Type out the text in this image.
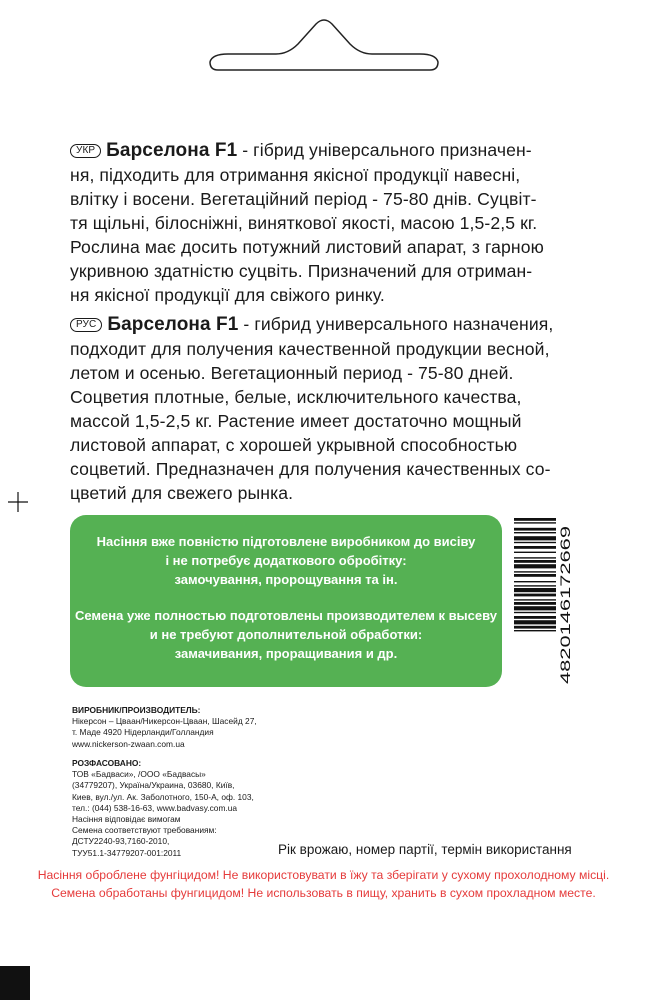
УКР Барселона F1 - гібрид універсального призначен-
ня, підходить для отримання якісної продукції навесні,
влітку і восени. Вегетаційний період - 75-80 днів. Суцвіт-
тя щільні, білосніжні, виняткової якості, масою 1,5-2,5 кг.
Рослина має досить потужний листовий апарат, з гарною
укривною здатністю суцвіть. Призначений для отриман-
ня якісної продукції для свіжого ринку.
РУС Барселона F1 - гибрид универсального назначения,
подходит для получения качественной продукции весной,
летом и осенью. Вегетационный период - 75-80 дней.
Соцветия плотные, белые, исключительного качества,
массой 1,5-2,5 кг. Растение имеет достаточно мощный
листовой аппарат, с хорошей укрывной способностью
соцветий. Предназначен для получения качественных со-
цветий для свежего рынка.
Насіння вже повністю підготовлене виробником до висіву
і не потребує додаткового обробітку:
замочування, пророщування та ін.
Семена уже полностью подготовлены производителем к высеву
и не требуют дополнительной обработки:
замачивания, проращивания и др.	4820146172669
ВИРОБНИК/ПРОИЗВОДИТЕЛЬ:
Нікерсон – Цваан/Никерсон-Цваан, Шасейд 27,
т. Маде 4920 Нідерланди/Голландия
www.nickerson-zwaan.com.ua
РОЗФАСОВАНО:
ТОВ «Бадваси», /ООО «Бадвасы»
(34779207), Україна/Украина, 03680, Київ,
Киев, вул./ул. Ак. Заболотного, 150-А, оф. 103,
тел.: (044) 538-16-63, www.badvasy.com.ua
Насіння відповідає вимогам
Семена соответствуют требованиям:
ДСТУ2240-93,7160-2010,
ТУУ51.1-34779207-001:2011	Рік врожаю, номер партії, термін використання
Насіння оброблене фунгіцидом! Не використовувати в їжу та зберігати у сухому прохолодному місці.
Семена обработаны фунгицидом! Не использовать в пищу, хранить в сухом прохладном месте.
